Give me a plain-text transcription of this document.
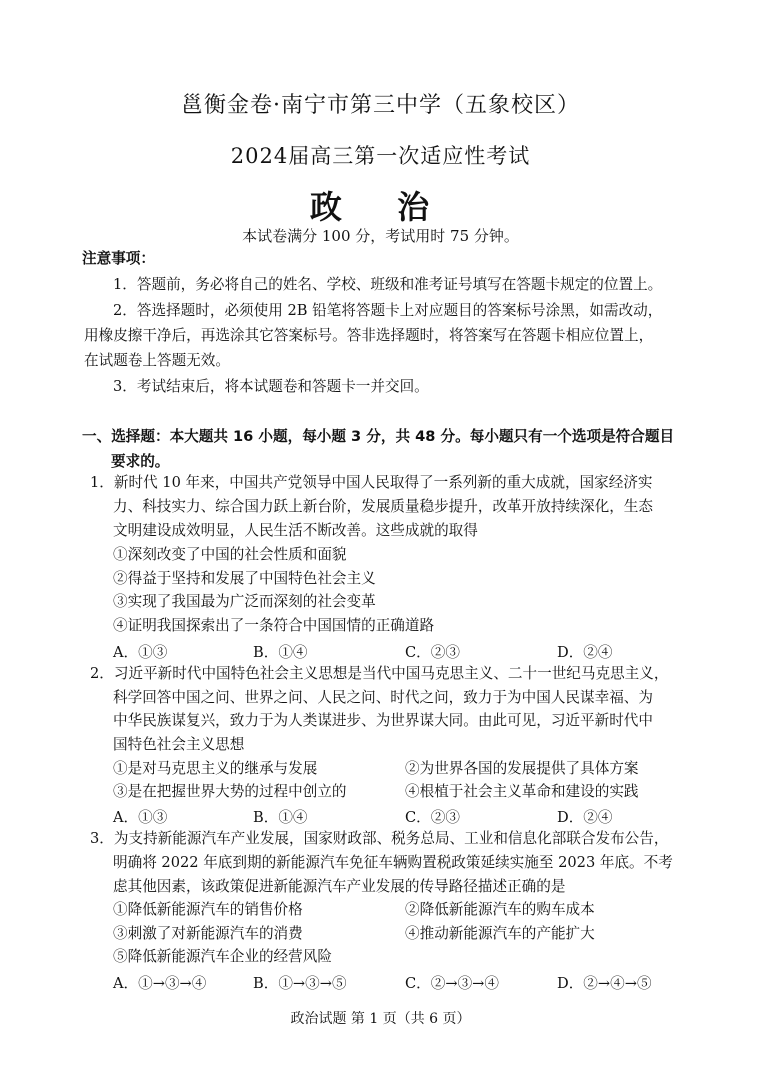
邕衡金卷·南宁市第三中学（五象校区）
2024届高三第一次适应性考试
政 治
本试卷满分 100 分，考试用时 75 分钟。
注意事项：
1．答题前，务必将自己的姓名、学校、班级和准考证号填写在答题卡规定的位置上。
2．答选择题时，必须使用 2B 铅笔将答题卡上对应题目的答案标号涂黑，如需改动，
用橡皮擦干净后，再选涂其它答案标号。答非选择题时，将答案写在答题卡相应位置上，
在试题卷上答题无效。
3．考试结束后，将本试题卷和答题卡一并交回。
一、选择题：本大题共 16 小题，每小题 3 分，共 48 分。每小题只有一个选项是符合题目
要求的。
1．新时代 10 年来，中国共产党领导中国人民取得了一系列新的重大成就，国家经济实
力、科技实力、综合国力跃上新台阶，发展质量稳步提升，改革开放持续深化，生态
文明建设成效明显，人民生活不断改善。这些成就的取得
①深刻改变了中国的社会性质和面貌
②得益于坚持和发展了中国特色社会主义
③实现了我国最为广泛而深刻的社会变革
④证明我国探索出了一条符合中国国情的正确道路
A．①③	B．①④	C．②③	D．②④
2．习近平新时代中国特色社会主义思想是当代中国马克思主义、二十一世纪马克思主义，
科学回答中国之问、世界之问、人民之问、时代之问，致力于为中国人民谋幸福、为
中华民族谋复兴，致力于为人类谋进步、为世界谋大同。由此可见，习近平新时代中
国特色社会主义思想
①是对马克思主义的继承与发展	②为世界各国的发展提供了具体方案
③是在把握世界大势的过程中创立的	④根植于社会主义革命和建设的实践
A．①③	B．①④	C．②③	D．②④
3．为支持新能源汽车产业发展，国家财政部、税务总局、工业和信息化部联合发布公告，
明确将 2022 年底到期的新能源汽车免征车辆购置税政策延续实施至 2023 年底。不考
虑其他因素，该政策促进新能源汽车产业发展的传导路径描述正确的是
①降低新能源汽车的销售价格	②降低新能源汽车的购车成本
③刺激了对新能源汽车的消费	④推动新能源汽车的产能扩大
⑤降低新能源汽车企业的经营风险
A．①→③→④	B．①→③→⑤	C．②→③→④	D．②→④→⑤
政治试题 第 1 页（共 6 页）
